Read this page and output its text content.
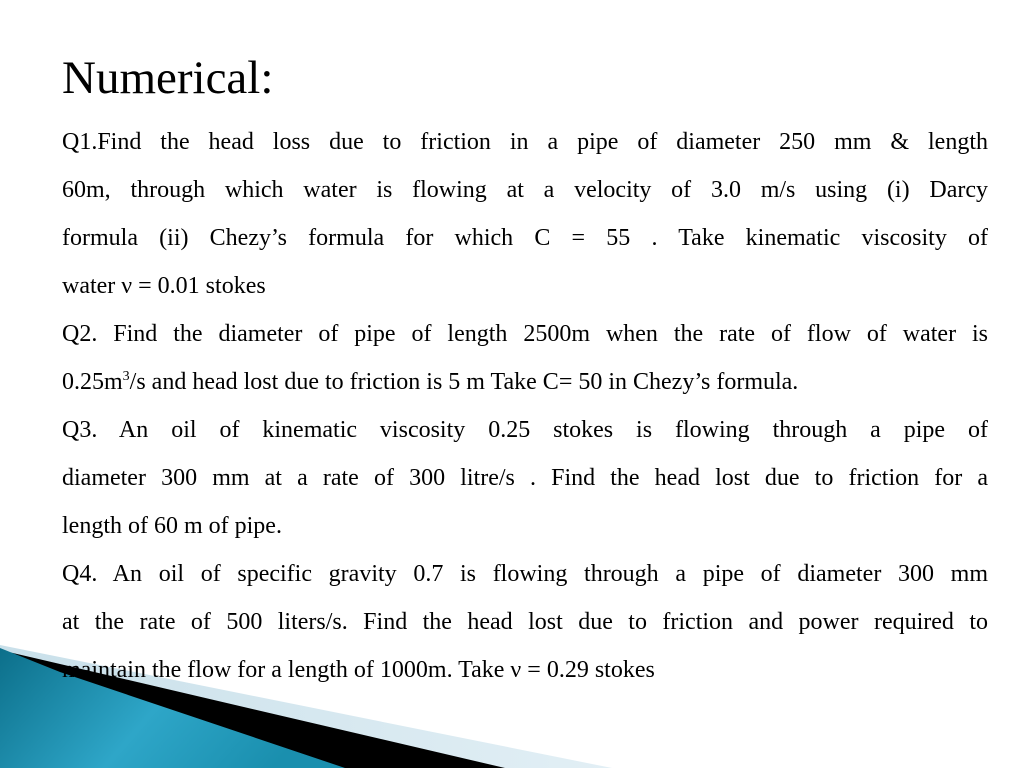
Numerical:
Q1.Find the head loss due to friction in a pipe of diameter 250 mm & length
60m, through which water is flowing at a velocity of 3.0 m/s using (i) Darcy
formula (ii) Chezy’s formula for which C = 55 . Take kinematic viscosity of
water ν = 0.01 stokes
Q2. Find the diameter of pipe of length 2500m when the rate of flow of water is
$0.25m^3/s$ and head lost due to friction is 5 m Take C= 50 in Chezy’s formula.
Q3. An oil of kinematic viscosity 0.25 stokes is flowing through a pipe of
diameter 300 mm at a rate of 300 litre/s . Find the head lost due to friction for a
length of 60 m of pipe.
Q4. An oil of specific gravity 0.7 is flowing through a pipe of diameter 300 mm
at the rate of 500 liters/s. Find the head lost due to friction and power required to
maintain the flow for a length of 1000m. Take ν = 0.29 stokes
